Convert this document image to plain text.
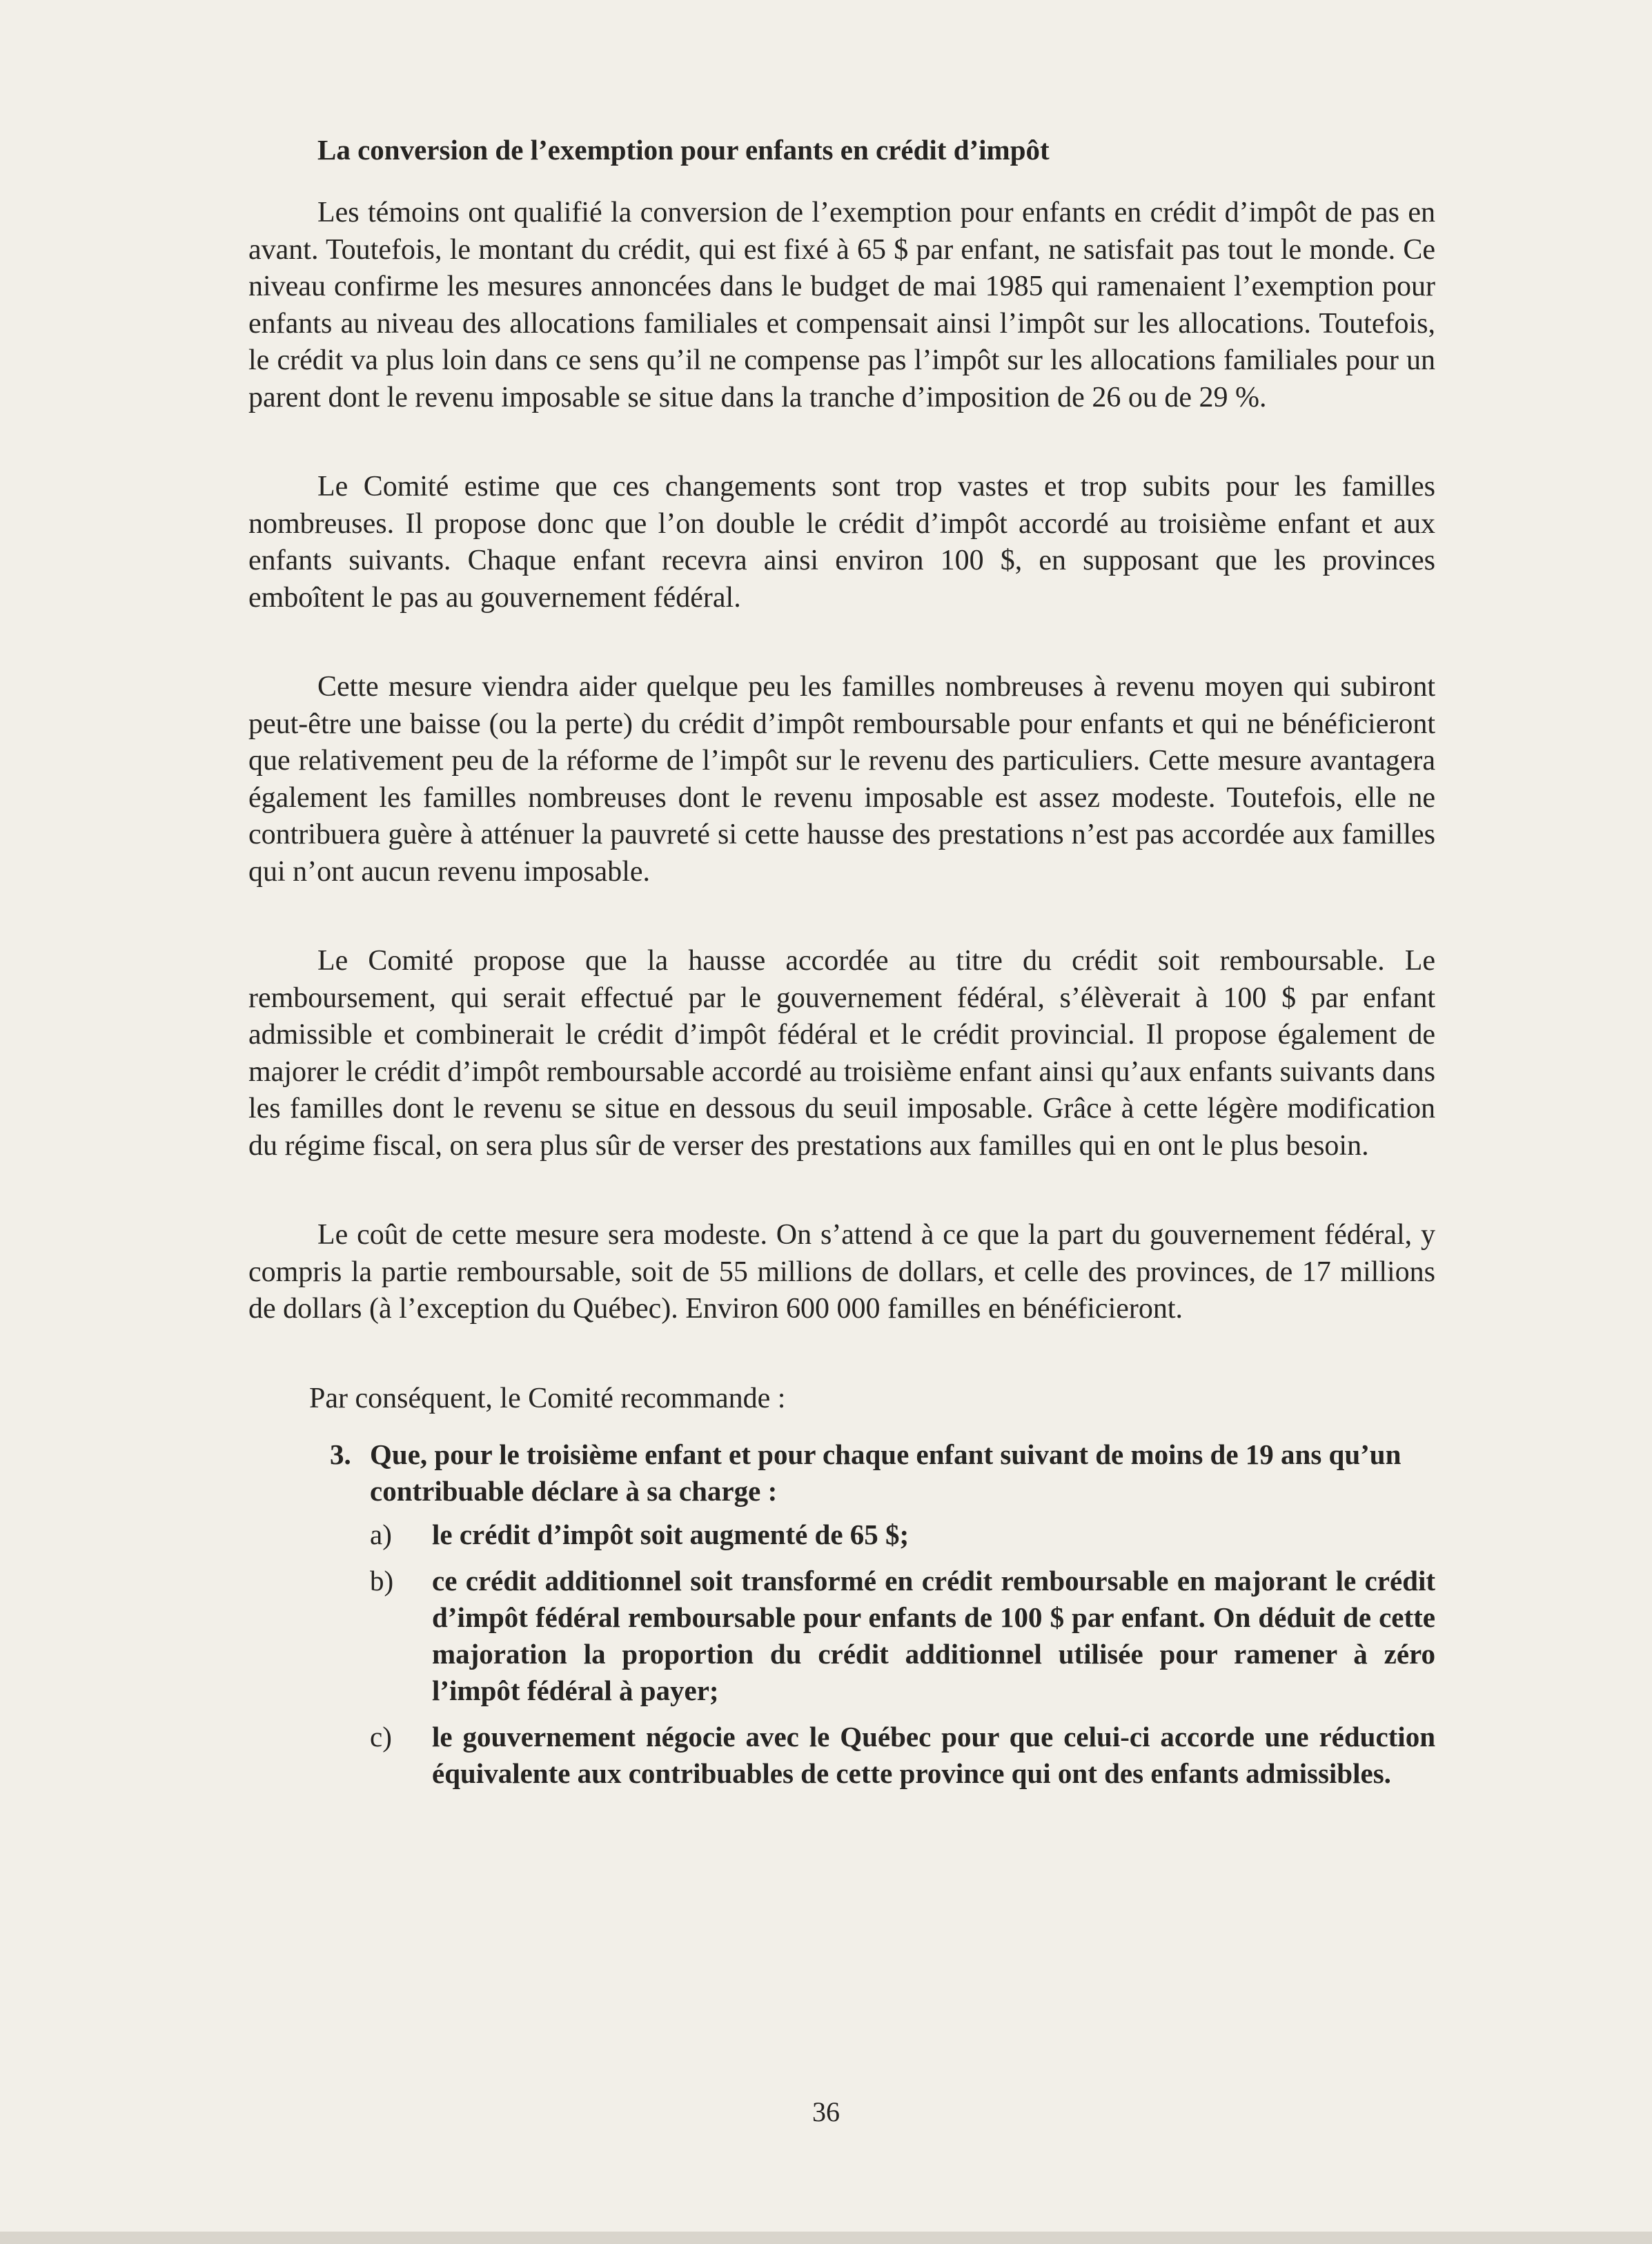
La conversion de l’exemption pour enfants en crédit d’impôt

Les témoins ont qualifié la conversion de l’exemption pour enfants en crédit d’impôt de pas en avant. Toutefois, le montant du crédit, qui est fixé à 65 $ par enfant, ne satisfait pas tout le monde. Ce niveau confirme les mesures annoncées dans le budget de mai 1985 qui ramenaient l’exemption pour enfants au niveau des allocations familiales et compensait ainsi l’impôt sur les allocations. Toutefois, le crédit va plus loin dans ce sens qu’il ne compense pas l’impôt sur les allocations familiales pour un parent dont le revenu imposable se situe dans la tranche d’imposition de 26 ou de 29 %.

Le Comité estime que ces changements sont trop vastes et trop subits pour les familles nombreuses. Il propose donc que l’on double le crédit d’impôt accordé au troisième enfant et aux enfants suivants. Chaque enfant recevra ainsi environ 100 $, en supposant que les provinces emboîtent le pas au gouvernement fédéral.

Cette mesure viendra aider quelque peu les familles nombreuses à revenu moyen qui subiront peut-être une baisse (ou la perte) du crédit d’impôt remboursable pour enfants et qui ne bénéficieront que relativement peu de la réforme de l’impôt sur le revenu des particuliers. Cette mesure avantagera également les familles nombreuses dont le revenu imposable est assez modeste. Toutefois, elle ne contribuera guère à atténuer la pauvreté si cette hausse des prestations n’est pas accordée aux familles qui n’ont aucun revenu imposable.

Le Comité propose que la hausse accordée au titre du crédit soit remboursable. Le remboursement, qui serait effectué par le gouvernement fédéral, s’élèverait à 100 $ par enfant admissible et combinerait le crédit d’impôt fédéral et le crédit provincial. Il propose également de majorer le crédit d’impôt remboursable accordé au troisième enfant ainsi qu’aux enfants suivants dans les familles dont le revenu se situe en dessous du seuil imposable. Grâce à cette légère modification du régime fiscal, on sera plus sûr de verser des prestations aux familles qui en ont le plus besoin.

Le coût de cette mesure sera modeste. On s’attend à ce que la part du gouvernement fédéral, y compris la partie remboursable, soit de 55 millions de dollars, et celle des provinces, de 17 millions de dollars (à l’exception du Québec). Environ 600 000 familles en bénéficieront.

Par conséquent, le Comité recommande :

3. Que, pour le troisième enfant et pour chaque enfant suivant de moins de 19 ans qu’un contribuable déclare à sa charge :
a)	le crédit d’impôt soit augmenté de 65 $;
b)	ce crédit additionnel soit transformé en crédit remboursable en majorant le crédit d’impôt fédéral remboursable pour enfants de 100 $ par enfant. On déduit de cette majoration la proportion du crédit additionnel utilisée pour ramener à zéro l’impôt fédéral à payer;
c)	le gouvernement négocie avec le Québec pour que celui-ci accorde une réduction équivalente aux contribuables de cette province qui ont des enfants admissibles.
36
